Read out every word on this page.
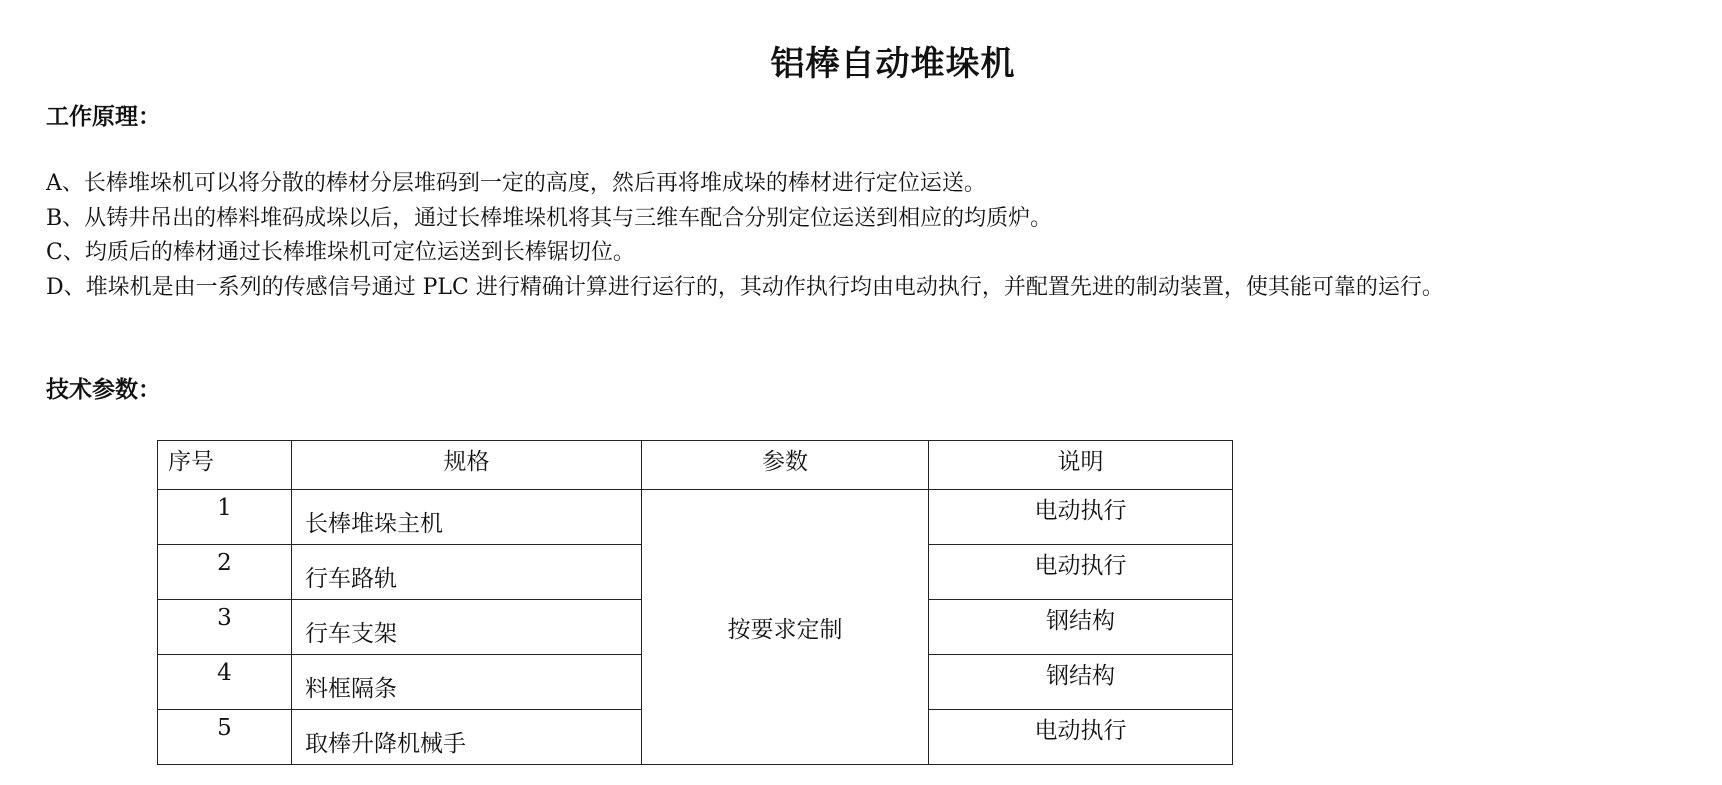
铝棒自动堆垛机
工作原理：
A、长棒堆垛机可以将分散的棒材分层堆码到一定的高度，然后再将堆成垛的棒材进行定位运送。
B、从铸井吊出的棒料堆码成垛以后，通过长棒堆垛机将其与三维车配合分别定位运送到相应的均质炉。
C、均质后的棒材通过长棒堆垛机可定位运送到长棒锯切位。
D、堆垛机是由一系列的传感信号通过 PLC 进行精确计算进行运行的，其动作执行均由电动执行，并配置先进的制动装置，使其能可靠的运行。
技术参数：
序号	规格	参数	说明
1	长棒堆垛主机	按要求定制	电动执行
2	行车路轨		电动执行
3	行车支架		钢结构
4	料框隔条		钢结构
5	取棒升降机械手		电动执行
